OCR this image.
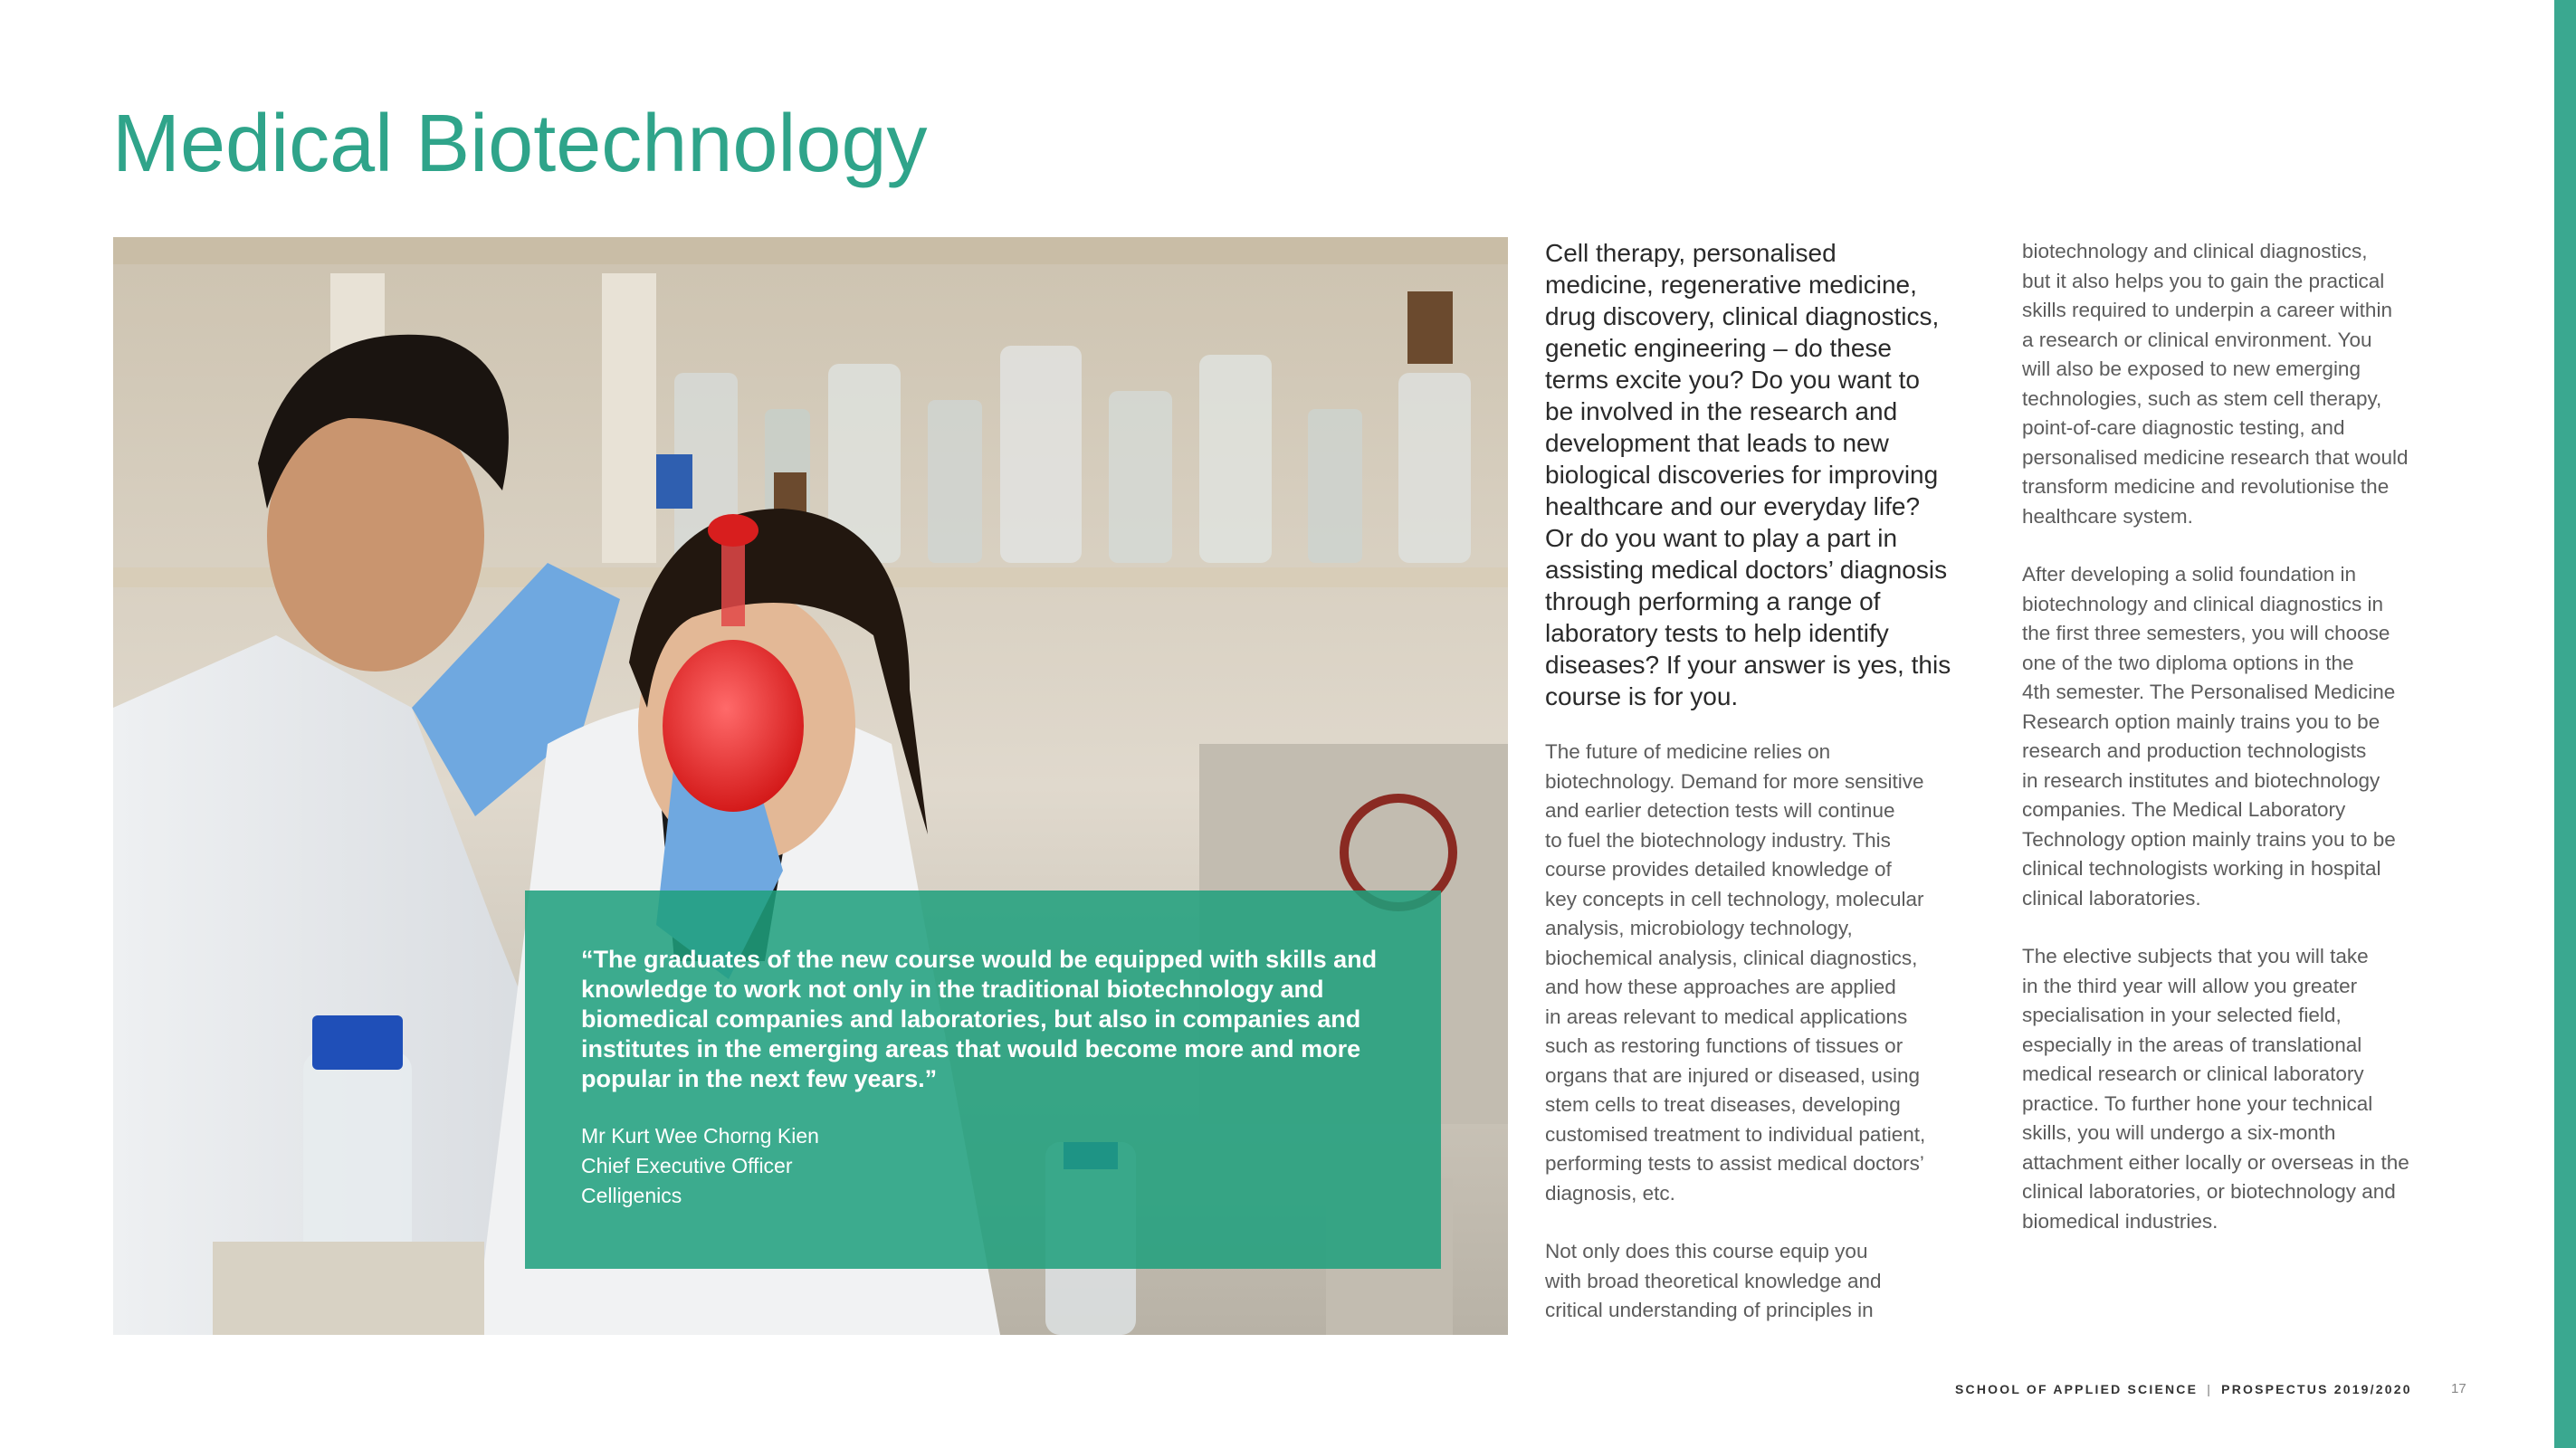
Medical Biotechnology

“The graduates of the new course would be equipped with skills and knowledge to work not only in the traditional biotechnology and biomedical companies and laboratories, but also in companies and institutes in the emerging areas that would become more and more popular in the next few years.”

Mr Kurt Wee Chorng Kien
Chief Executive Officer
Celligenics

Cell therapy, personalised
medicine, regenerative medicine,
drug discovery, clinical diagnostics,
genetic engineering – do these
terms excite you? Do you want to
be involved in the research and
development that leads to new
biological discoveries for improving
healthcare and our everyday life?
Or do you want to play a part in
assisting medical doctors’ diagnosis
through performing a range of
laboratory tests to help identify
diseases? If your answer is yes, this
course is for you.

The future of medicine relies on
biotechnology. Demand for more sensitive
and earlier detection tests will continue
to fuel the biotechnology industry. This
course provides detailed knowledge of
key concepts in cell technology, molecular
analysis, microbiology technology,
biochemical analysis, clinical diagnostics,
and how these approaches are applied
in areas relevant to medical applications
such as restoring functions of tissues or
organs that are injured or diseased, using
stem cells to treat diseases, developing
customised treatment to individual patient,
performing tests to assist medical doctors’
diagnosis, etc.

Not only does this course equip you
with broad theoretical knowledge and
critical understanding of principles in

biotechnology and clinical diagnostics,
but it also helps you to gain the practical
skills required to underpin a career within
a research or clinical environment. You
will also be exposed to new emerging
technologies, such as stem cell therapy,
point-of-care diagnostic testing, and
personalised medicine research that would
transform medicine and revolutionise the
healthcare system.

After developing a solid foundation in
biotechnology and clinical diagnostics in
the first three semesters, you will choose
one of the two diploma options in the
4th semester. The Personalised Medicine
Research option mainly trains you to be
research and production technologists
in research institutes and biotechnology
companies. The Medical Laboratory
Technology option mainly trains you to be
clinical technologists working in hospital
clinical laboratories.

The elective subjects that you will take
in the third year will allow you greater
specialisation in your selected field,
especially in the areas of translational
medical research or clinical laboratory
practice. To further hone your technical
skills, you will undergo a six-month
attachment either locally or overseas in the
clinical laboratories, or biotechnology and
biomedical industries.

SCHOOL OF APPLIED SCIENCE | PROSPECTUS 2019/2020	17
